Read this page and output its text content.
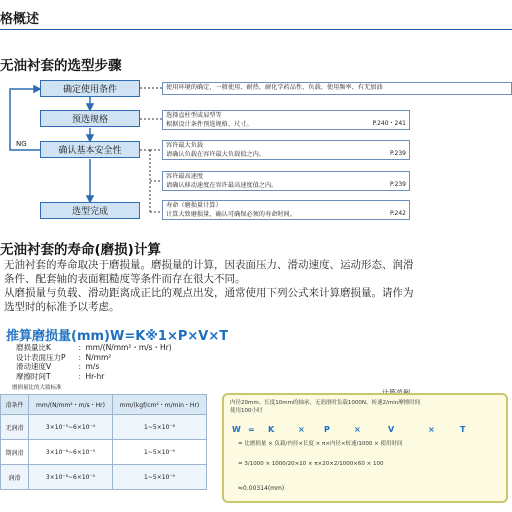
格概述
无油衬套的选型步骤
确定使用条件
预选规格
确认基本安全性
选型完成
NG
使用环境的确定、一般使用、耐热、耐化学药品性、负载、使用频率、有无加油
选择直柱型或肩型等
根据设计条件预选规格、尺寸。	P.240・241
容许最大负载
请确认负载在容许最大负载值之内。	P.239
容许最高速度
请确认移动速度在容许最高速度值之内。	P.239
寿命（磨损量计算）
计算大致磨损量，确认可确保必须的寿命时间。	P.242
无油衬套的寿命(磨损)计算
无油衬套的寿命取决于磨损量。磨损量的计算，因表面压力、滑动速度、运动形态、润滑
条件、配套轴的表面粗糙度等条件而存在很大不同。
从磨损量与负载、滑动距离成正比的观点出发，通常使用下列公式来计算磨损量。请作为
选型时的标准予以考虑。
推算磨损量(mm)W=K※1×P×V×T
磨损量比K	：mm/(N/mm²・m/s・Hr)
设计表面压力P	：N/mm²
滑动速度V	：m/s
摩擦时间T	：Hr-hr
磨损量比的大致标准
滑条件	mm/(N/mm²・m/s・Hr)	mm/(kgf/cm²・m/min・Hr)
无润滑	3×10⁻⁵~6×10⁻⁴	1~5×10⁻⁸
期润滑	3×10⁻⁶~6×10⁻⁵	1~5×10⁻⁹
润滑	3×10⁻⁶~6×10⁻⁵	1~5×10⁻⁹
内径20mm、长度10mm的轴承，无润滑时负载1000N、转速2/min摩擦时间
使用100小时
W = K	× P	×	V	×	T
= 比磨损量 × 负载/内径×长度 × π×内径×转速/1000 × 使用时间
= 3/1000 × 1000/20×10 × π×20×2/1000×60 × 100
≒0.00314(mm)
